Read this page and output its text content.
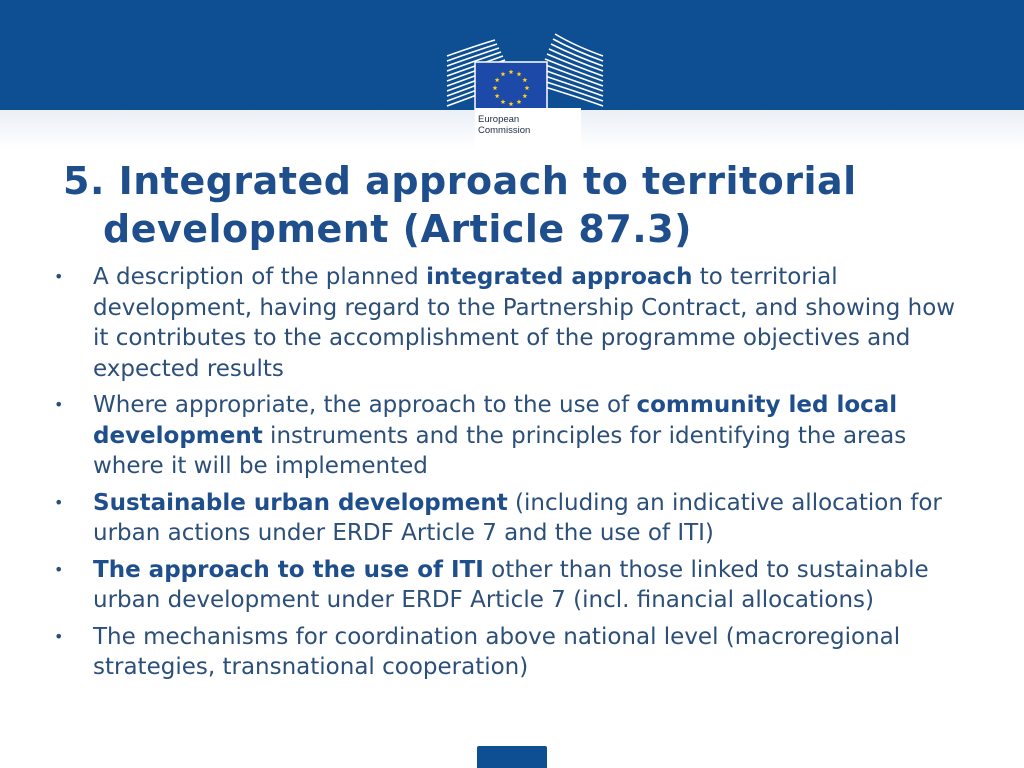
European
Commission
5. Integrated approach to territorial
development (Article 87.3)
• A description of the planned integrated approach to territorial development, having regard to the Partnership Contract, and showing how it contributes to the accomplishment of the programme objectives and expected results
• Where appropriate, the approach to the use of community led local development instruments and the principles for identifying the areas where it will be implemented
• Sustainable urban development (including an indicative allocation for urban actions under ERDF Article 7 and the use of ITI)
• The approach to the use of ITI other than those linked to sustainable urban development under ERDF Article 7 (incl. financial allocations)
• The mechanisms for coordination above national level (macroregional strategies, transnational cooperation)
